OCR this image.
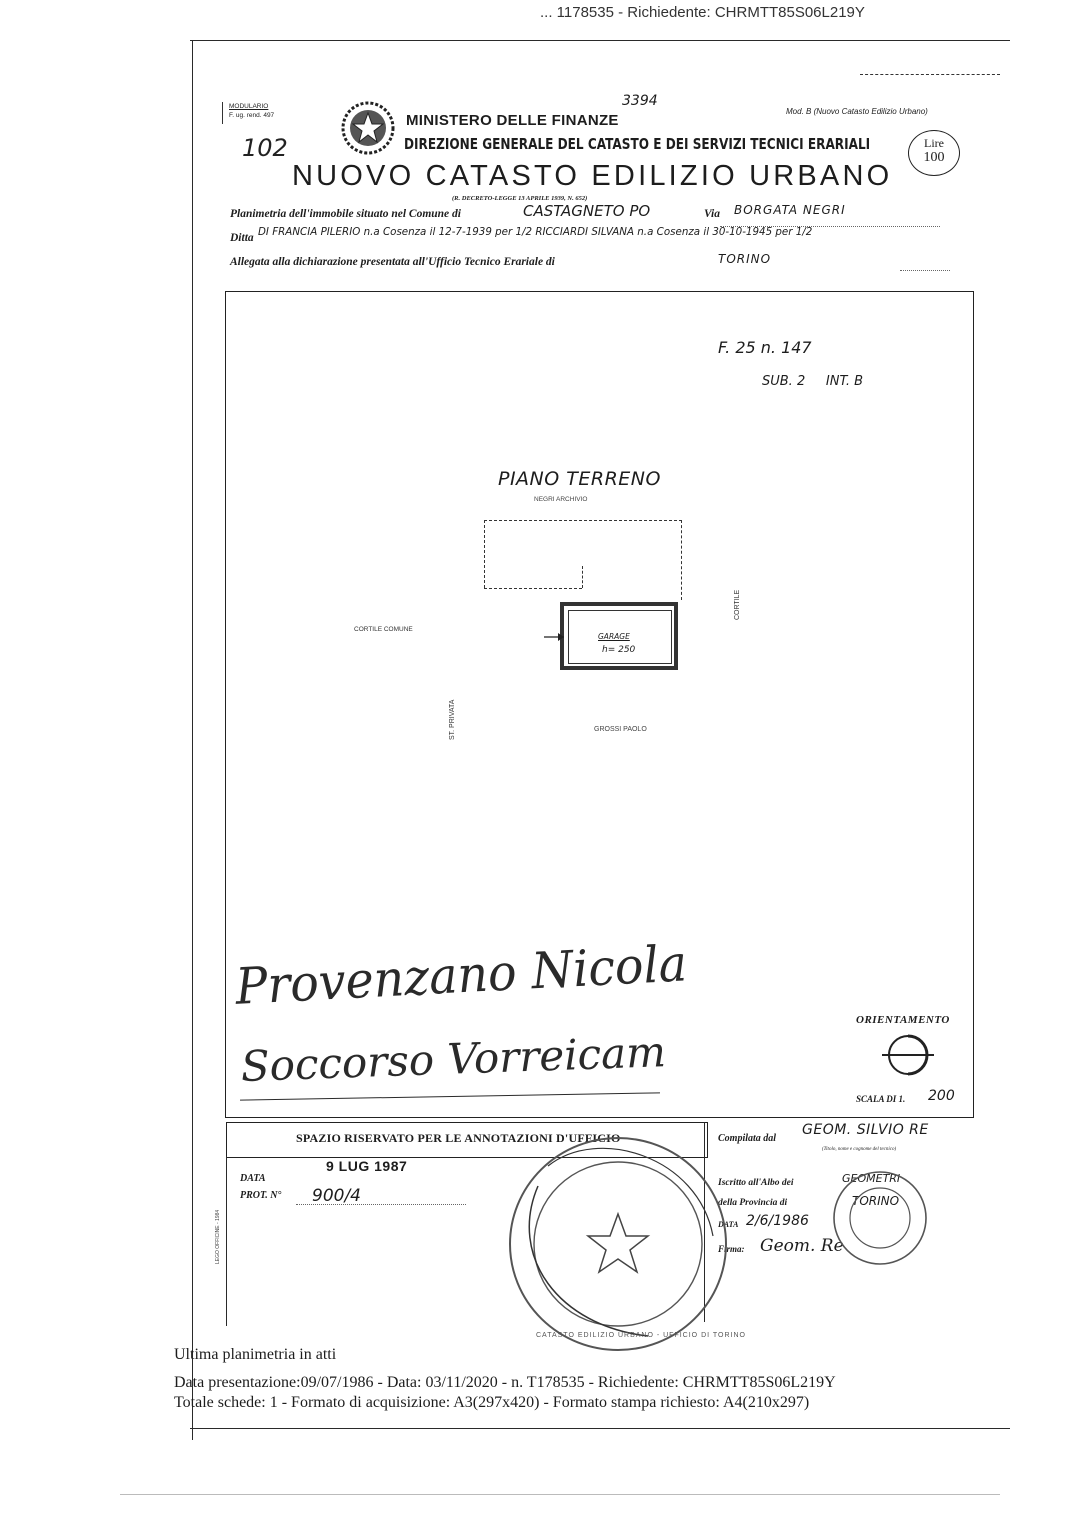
... 1178535 - Richiedente: CHRMTT85S06L219Y
MODULARIO
F. ug. rend. 497
102
3394
MINISTERO DELLE FINANZE
Mod. B (Nuovo Catasto Edilizio Urbano)
DIREZIONE GENERALE DEL CATASTO E DEI SERVIZI TECNICI ERARIALI	Lire
100
NUOVO CATASTO EDILIZIO URBANO
(R. DECRETO-LEGGE 13 APRILE 1939, N. 652)
Planimetria dell'immobile situato nel Comune di	CASTAGNETO PO	Via BORGATA NEGRI
Ditta DI FRANCIA PILERIO n.a Cosenza il 12-7-1939 per 1/2 RICCIARDI SILVANA n.a Cosenza il 30-10-1945 per 1/2
Allegata alla dichiarazione presentata all'Ufficio Tecnico Erariale di	TORINO
F. 25 n. 147
SUB. 2     INT. B
PIANO TERRENO
NEGRI ARCHIVIO
GARAGE
h= 250
CORTILE COMUNE
CORTILE
ST. PRIVATA	GROSSI PAOLO
Provenzano Nicola
Soccorso Vorreicam
ORIENTAMENTO
SCALA DI 1. 200
SPAZIO RISERVATO PER LE ANNOTAZIONI D'UFFICIO
DATA
9 LUG 1987
PROT. N° 900/4
LEGO OFFICINE - 1984
Compilata dal
GEOM. SILVIO RE
(Titolo, nome e cognome del tecnico)
Iscritto all'Albo dei	GEOMETRI
della Provincia di	TORINO
DATA 2/6/1986
Firma: Geom. Re
CATASTO EDILIZIO URBANO - UFFICIO DI TORINO
Ultima planimetria in atti
Data presentazione:09/07/1986 - Data: 03/11/2020 - n. T178535 - Richiedente: CHRMTT85S06L219Y
Totale schede: 1 - Formato di acquisizione: A3(297x420) - Formato stampa richiesto: A4(210x297)
